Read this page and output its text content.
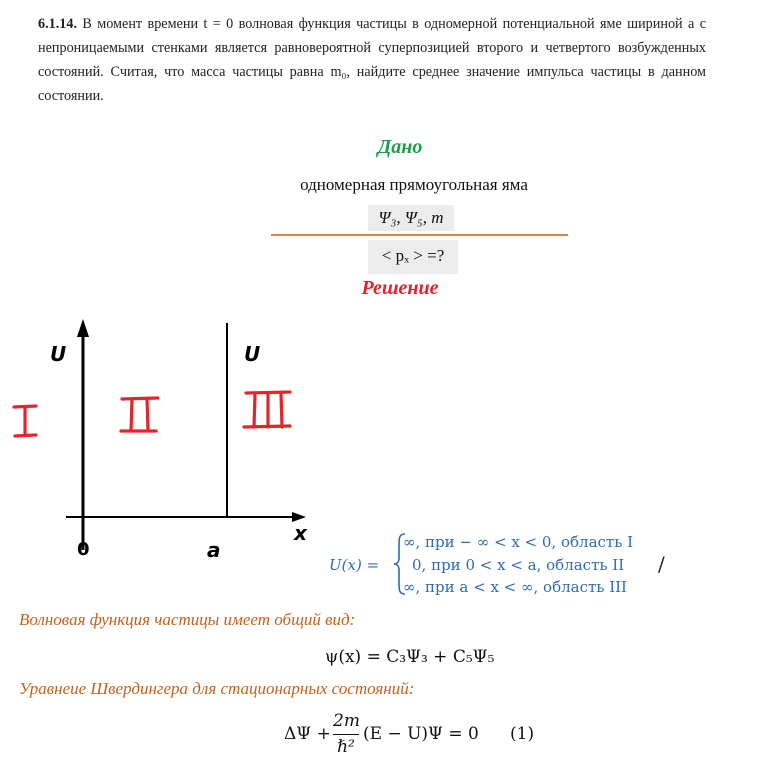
6.1.14. В момент времени t = 0 волновая функция частицы в одномерной потенциальной яме шириной a с непроницаемыми стенками является равновероятной суперпозицией второго и четвертого возбужденных состояний. Считая, что масса частицы равна m₀, найдите среднее значение импульса частицы в данном состоянии.
Дано
одномерная прямоугольная яма
Ψ₃, Ψ₅, m
< pₓ > =?
Решение
U	U
x
0	a
U(x) =
∞, при − ∞ < x < 0, область I
0, при 0 < x < a, область II
∞, при a < x < ∞, область III
/
Волновая функция частицы имеет общий вид:
ψ(x) = C₃Ψ₃ + C₅Ψ₅
Уравнеие Швердингера для стационарных состояний:
ΔΨ +
2m
ℏ²
(E − U)Ψ = 0 (1)
